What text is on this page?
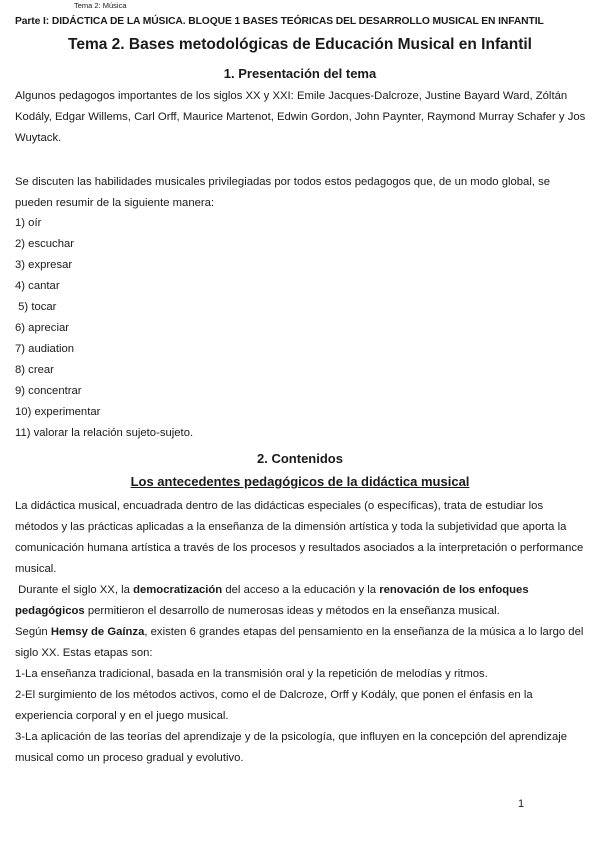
Tema 2: Música
Parte I: DIDÁCTICA DE LA MÚSICA. BLOQUE 1 BASES TEÓRICAS DEL DESARROLLO MUSICAL EN INFANTIL
Tema 2. Bases metodológicas de Educación Musical en Infantil
1. Presentación del tema
Algunos pedagogos importantes de los siglos XX y XXI: Emile Jacques-Dalcroze, Justine Bayard Ward, Zóltán Kodály, Edgar Willems, Carl Orff, Maurice Martenot, Edwin Gordon, John Paynter, Raymond Murray Schafer y Jos Wuytack.
Se discuten las habilidades musicales privilegiadas por todos estos pedagogos que, de un modo global, se pueden resumir de la siguiente manera:
1) oír
2) escuchar
3) expresar
4) cantar
5) tocar
6) apreciar
7) audiation
8) crear
9) concentrar
10) experimentar
11) valorar la relación sujeto-sujeto.
2. Contenidos
Los antecedentes pedagógicos de la didáctica musical
La didáctica musical, encuadrada dentro de las didácticas especiales (o específicas), trata de estudiar los métodos y las prácticas aplicadas a la enseñanza de la dimensión artística y toda la subjetividad que aporta la comunicación humana artística a través de los procesos y resultados asociados a la interpretación o performance musical.
Durante el siglo XX, la democratización del acceso a la educación y la renovación de los enfoques pedagógicos permitieron el desarrollo de numerosas ideas y métodos en la enseñanza musical.
Según Hemsy de Gaínza, existen 6 grandes etapas del pensamiento en la enseñanza de la música a lo largo del siglo XX. Estas etapas son:
1-La enseñanza tradicional, basada en la transmisión oral y la repetición de melodías y ritmos.
2-El surgimiento de los métodos activos, como el de Dalcroze, Orff y Kodály, que ponen el énfasis en la experiencia corporal y en el juego musical.
3-La aplicación de las teorías del aprendizaje y de la psicología, que influyen en la concepción del aprendizaje musical como un proceso gradual y evolutivo.
1
